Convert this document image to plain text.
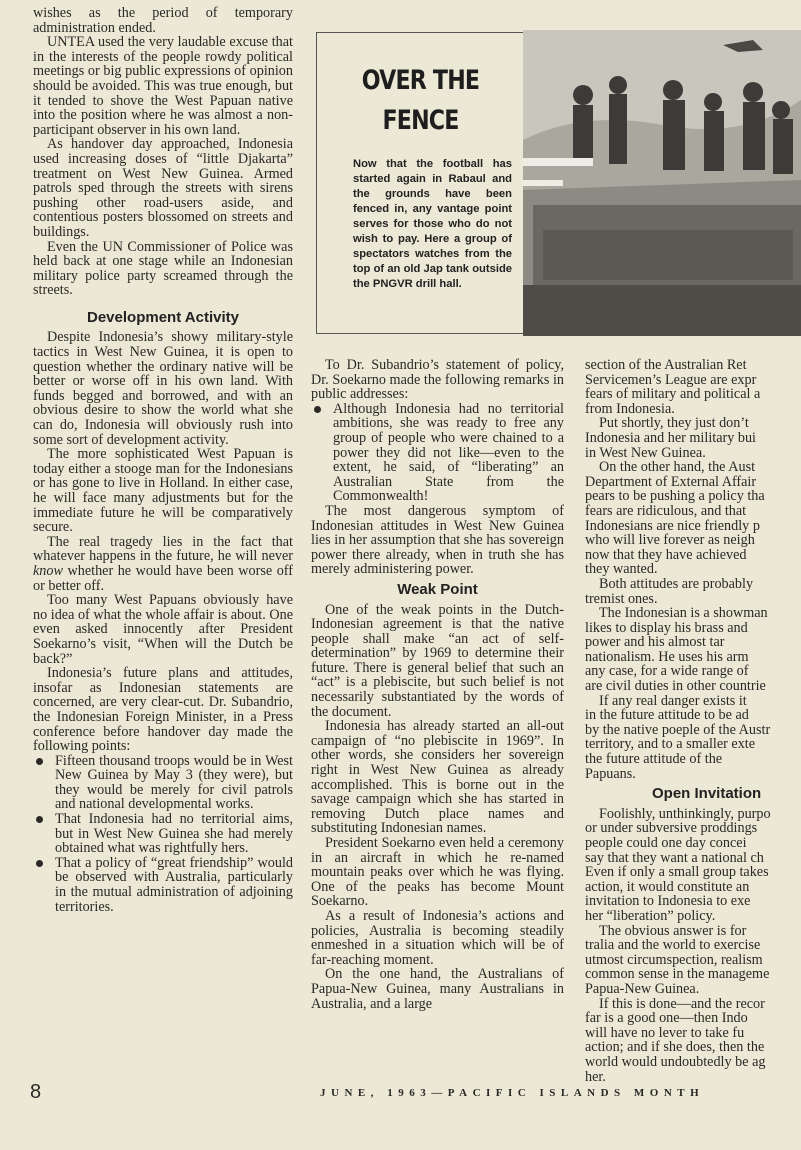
wishes as the period of temporary administration ended.

UNTEA used the very laudable excuse that in the interests of the people rowdy political meetings or big public expressions of opinion should be avoided. This was true enough, but it tended to shove the West Papuan native into the position where he was almost a non-participant observer in his own land.

As handover day approached, Indonesia used increasing doses of “little Djakarta” treatment on West New Guinea. Armed patrols sped through the streets with sirens pushing other road-users aside, and contentious posters blossomed on streets and buildings.

Even the UN Commissioner of Police was held back at one stage while an Indonesian military police party screamed through the streets.

Development Activity

Despite Indonesia’s showy military-style tactics in West New Guinea, it is open to question whether the ordinary native will be better or worse off in his own land. With funds begged and borrowed, and with an obvious desire to show the world what she can do, Indonesia will obviously rush into some sort of development activity.

The more sophisticated West Papuan is today either a stooge man for the Indonesians or has gone to live in Holland. In either case, he will face many adjustments but for the immediate future he will be comparatively secure.

The real tragedy lies in the fact that whatever happens in the future, he will never know whether he would have been worse off or better off.

Too many West Papuans obviously have no idea of what the whole affair is about. One even asked innocently after President Soekarno’s visit, “When will the Dutch be back?”

Indonesia’s future plans and attitudes, insofar as Indonesian statements are concerned, are very clear-cut. Dr. Subandrio, the Indonesian Foreign Minister, in a Press conference before handover day made the following points:

Fifteen thousand troops would be in West New Guinea by May 3 (they were), but they would be merely for civil patrols and national developmental works.
That Indonesia had no territorial aims, but in West New Guinea she had merely obtained what was rightfully hers.
That a policy of “great friendship” would be observed with Australia, particularly in the mutual administration of adjoining territories.
OVER THE
FENCE
Now that the football has started again in Rabaul and the grounds have been fenced in, any vantage point serves for those who do not wish to pay. Here a group of spectators watches from the top of an old Jap tank outside the PNGVR drill hall.

To Dr. Subandrio’s statement of policy, Dr. Soekarno made the following remarks in public addresses:

Although Indonesia had no territorial ambitions, she was ready to free any group of people who were chained to a power they did not like—even to the extent, he said, of “liberating” an Australian State from the Commonwealth!

The most dangerous symptom of Indonesian attitudes in West New Guinea lies in her assumption that she has sovereign power there already, when in truth she has merely administering power.

Weak Point

One of the weak points in the Dutch-Indonesian agreement is that the native people shall make “an act of self-determination” by 1969 to determine their future. There is general belief that such an “act” is a plebiscite, but such belief is not necessarily substantiated by the words of the document.

Indonesia has already started an all-out campaign of “no plebiscite in 1969”. In other words, she considers her sovereign right in West New Guinea as already accomplished. This is borne out in the savage campaign which she has started in removing Dutch place names and substituting Indonesian names.

President Soekarno even held a ceremony in an aircraft in which he re-named mountain peaks over which he was flying. One of the peaks has become Mount Soekarno.

As a result of Indonesia’s actions and policies, Australia is becoming steadily enmeshed in a situation which will be of far-reaching moment.

On the one hand, the Australians of Papua-New Guinea, many Australians in Australia, and a large

section of the Australian Ret
Servicemen’s League are expr
fears of military and political a
from Indonesia.
Put shortly, they just don’t
Indonesia and her military bui
in West New Guinea.
On the other hand, the Aust
Department of External Affair
pears to be pushing a policy tha
fears are ridiculous, and that
Indonesians are nice friendly p
who will live forever as neigh
now that they have achieved
they wanted.
Both attitudes are probably
tremist ones.
The Indonesian is a showman
likes to display his brass and
power and his almost tar
nationalism. He uses his arm
any case, for a wide range of
are civil duties in other countrie
If any real danger exists it
in the future attitude to be ad
by the native poeple of the Austr
territory, and to a smaller exte
the future attitude of the
Papuans.
Open Invitation
Foolishly, unthinkingly, purpo
or under subversive proddings
people could one day concei
say that they want a national ch
Even if only a small group takes
action, it would constitute an
invitation to Indonesia to exe
her “liberation” policy.
The obvious answer is for
tralia and the world to exercise
utmost circumspection, realism
common sense in the manageme
Papua-New Guinea.
If this is done—and the recor
far is a good one—then Indo
will have no lever to take fu
action; and if she does, then the
world would undoubtedly be ag
her.
8	JUNE, 1963—PACIFIC ISLANDS MONTH
